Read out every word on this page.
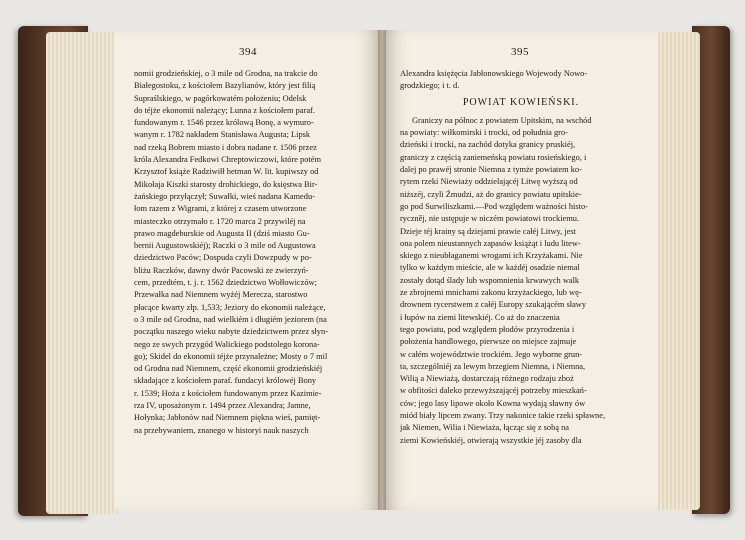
394
nomii grodzieńskiej, o 3 mile od Grodna, na trakcie do
Białegostoku, z kościołem Bazylianów, który jest filią
Supraślskiego, w pagórkowatém położeniu; Odelsk
do téjże ekonomii należący; Lunna z kościołem paraf.
fundowanym r. 1546 przez królową Bonę, a wymuro-
wanym r. 1782 nakładem Stanisława Augusta; Lipsk
nad rzeką Bobrem miasto i dobra nadane r. 1506 przez
króla Alexandra Fedkowi Chreptowiczowi, które potém
Krzysztof książe Radziwiłł hetman W. lit. kupiwszy od
Mikołaja Kiszki starosty drohickiego, do księstwa Bir-
żańskiego przyłączył; Suwałki, wieś nadana Kamedu-
łom razem z Wigrami, z której z czasem utworzone
miasteczko otrzymało r. 1720 marca 2 przywiléj na
prawo magdeburskie od Augusta II (dziś miasto Gu-
bernii Augustowskiéj); Raczki o 3 mile od Augustowa
dziedzictwo Paców; Dospuda czyli Dowzpudy w po-
bliżu Raczków, dawny dwór Pacowski ze zwierzyń-
cem, przedtém, t. j. r. 1562 dziedzictwo Wołłowiczów;
Przewałka nad Niemnem wyżéj Merecza, starostwo
płacące kwarty złp. 1,533; Jeziory do ekonomii należące,
o 3 mile od Grodna, nad wielkiém i długiém jeziorem (na
początku naszego wieku nabyte dziedzictwem przez słyn-
nego ze swych przygód Walickiego podstolego korona-
go); Skidel do ekonomii téjże przynależne; Mosty o 7 mil
od Grodna nad Niemnem, część ekonomii grodzieńskiéj
składające z kościołem paraf. fundacyi królowéj Bony
r. 1539; Hoża z kościołem fundowanym przez Kazimie-
rza IV, uposażonym r. 1494 przez Alexandra; Jamne,
Hołynka; Jabłonów nad Niemnem piękna wieś, pamięt-
na przebywaniem, znanego w historyi nauk naszych
395
Alexandra księżęcia Jabłonowskiego Wojewody Nowo-
grodzkiego; i t. d.
POWIAT KOWIEŃSKI.
Graniczy na północ z powiatem Upitskim, na wschód
na powiaty: wiłkomirski i trocki, od południa gro-
dzieński i trocki, na zachód dotyka granicy pruskiéj,
graniczy z częścią zaniemeńską powiatu rosieńskiego, i
dalej po prawéj stronie Niemna z tymże powiatem ko-
rytem rzeki Niewiaży oddzielającéj Litwę wyższą od
niższéj, czyli Żmudzi, aż do granicy powiatu upitskie-
go pod Surwiliszkami.—Pod względem ważności histo-
ryczněj, nie ustępuje w niczém powiatowi trockiemu.
Dzieje téj krainy są dziejami prawie całéj Litwy, jest
ona polem nieustannych zapasów książąt i ludu litew-
skiego z nieubłaganemi wrogami ich Krzyżakami. Nie
tylko w każdym mieście, ale w każdéj osadzie niemal
zostały dotąd ślady lub wspomnienia krwawych walk
ze zbrojnemi mnichami zakonu krzyżackiego, lub wę-
drownem rycerstwem z całéj Europy szukającém sławy
i łupów na ziemi litewskiéj. Co aż do znaczenia
tego powiatu, pod względem płodów przyrodzenia i
położenia handlowego, pierwsze on miejsce zajmuje
w całém województwie trockiém. Jego wyborne grun-
ta, szczególniéj za lewym brzegiem Niemna, i Niemna,
Wilią a Niewiażą, dostarczają różnego rodzaju zboż
w obfitości daleko przewyższającéj potrzeby mieszkań-
ców; jego lasy lipowe około Kowna wydają sławny ów
miód biały lipcem zwany. Trzy nakonice takie rzeki spławne,
jak Niemen, Wilia i Niewiaża, łącząc się z sobą na
ziemi Kowieńskiéj, otwierają wszystkie jéj zasoby dla
